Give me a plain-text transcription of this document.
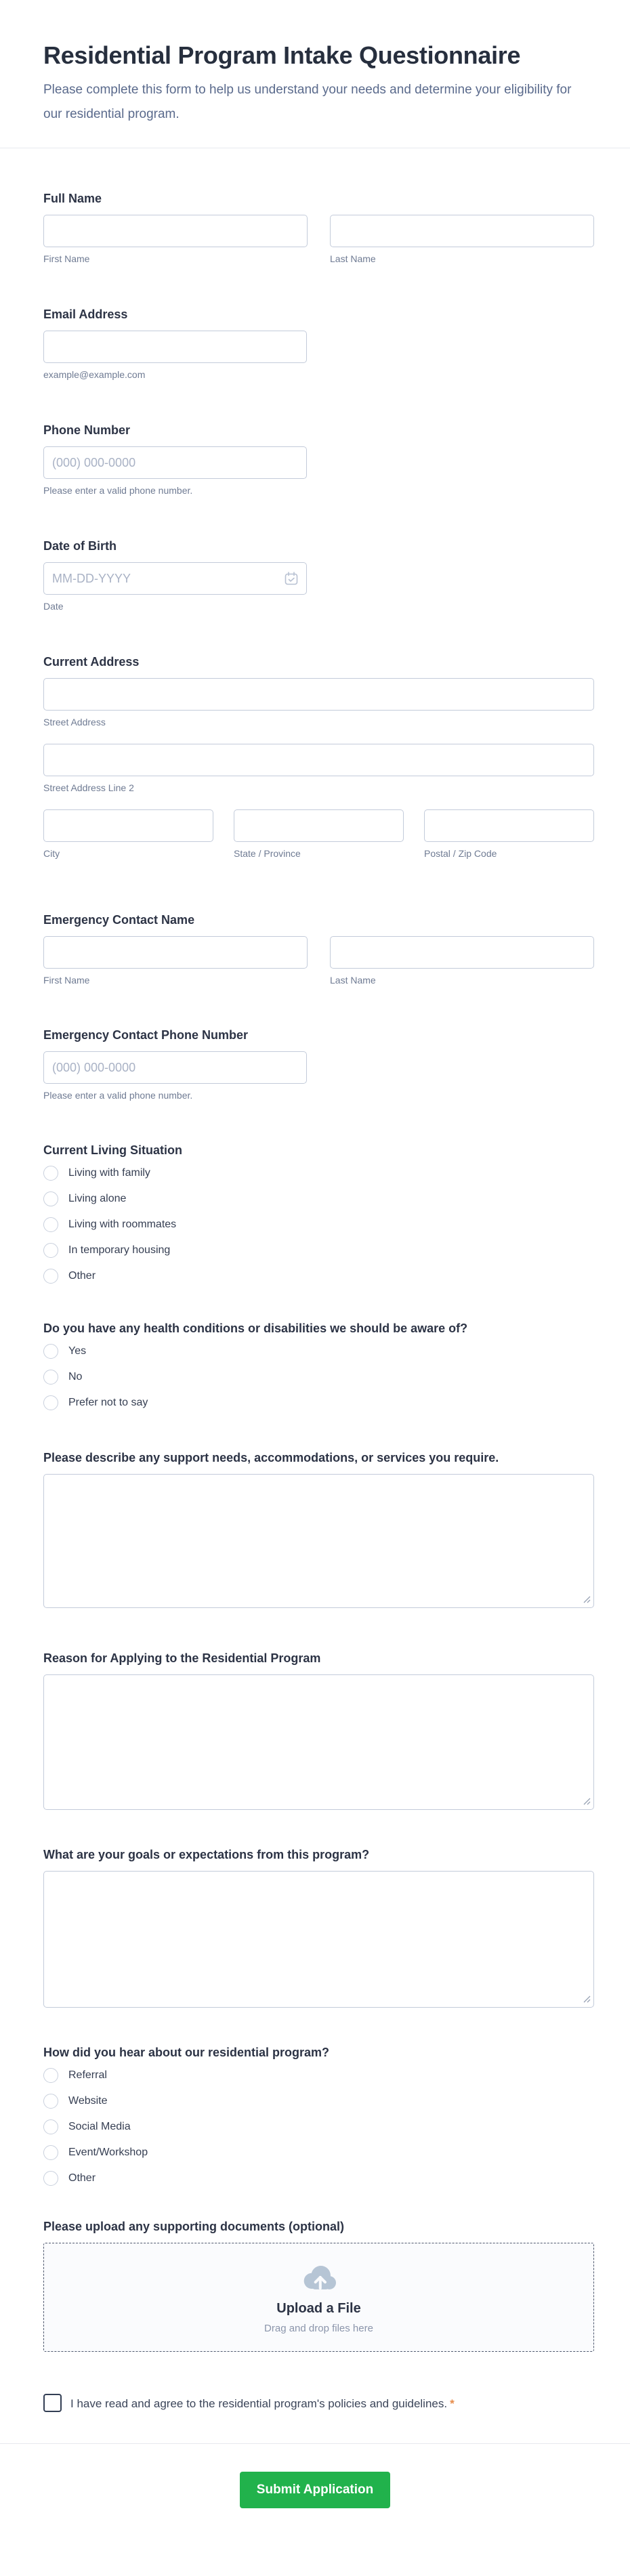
Residential Program Intake Questionnaire

Please complete this form to help us understand your needs and determine your eligibility for our residential program.

Full Name
First Name	Last Name
Email Address
example@example.com
Phone Number
(000) 000-0000
Please enter a valid phone number.
Date of Birth
MM-DD-YYYY
Date
Current Address
Street Address
Street Address Line 2
City	State / Province	Postal / Zip Code
Emergency Contact Name
First Name	Last Name
Emergency Contact Phone Number
(000) 000-0000
Please enter a valid phone number.
Current Living Situation
Living with family
Living alone
Living with roommates
In temporary housing
Other
Do you have any health conditions or disabilities we should be aware of?
Yes
No
Prefer not to say
Please describe any support needs, accommodations, or services you require.
Reason for Applying to the Residential Program
What are your goals or expectations from this program?
How did you hear about our residential program?
Referral
Website
Social Media
Event/Workshop
Other
Please upload any supporting documents (optional)
Upload a File
Drag and drop files here
I have read and agree to the residential program's policies and guidelines. *
Submit Application
